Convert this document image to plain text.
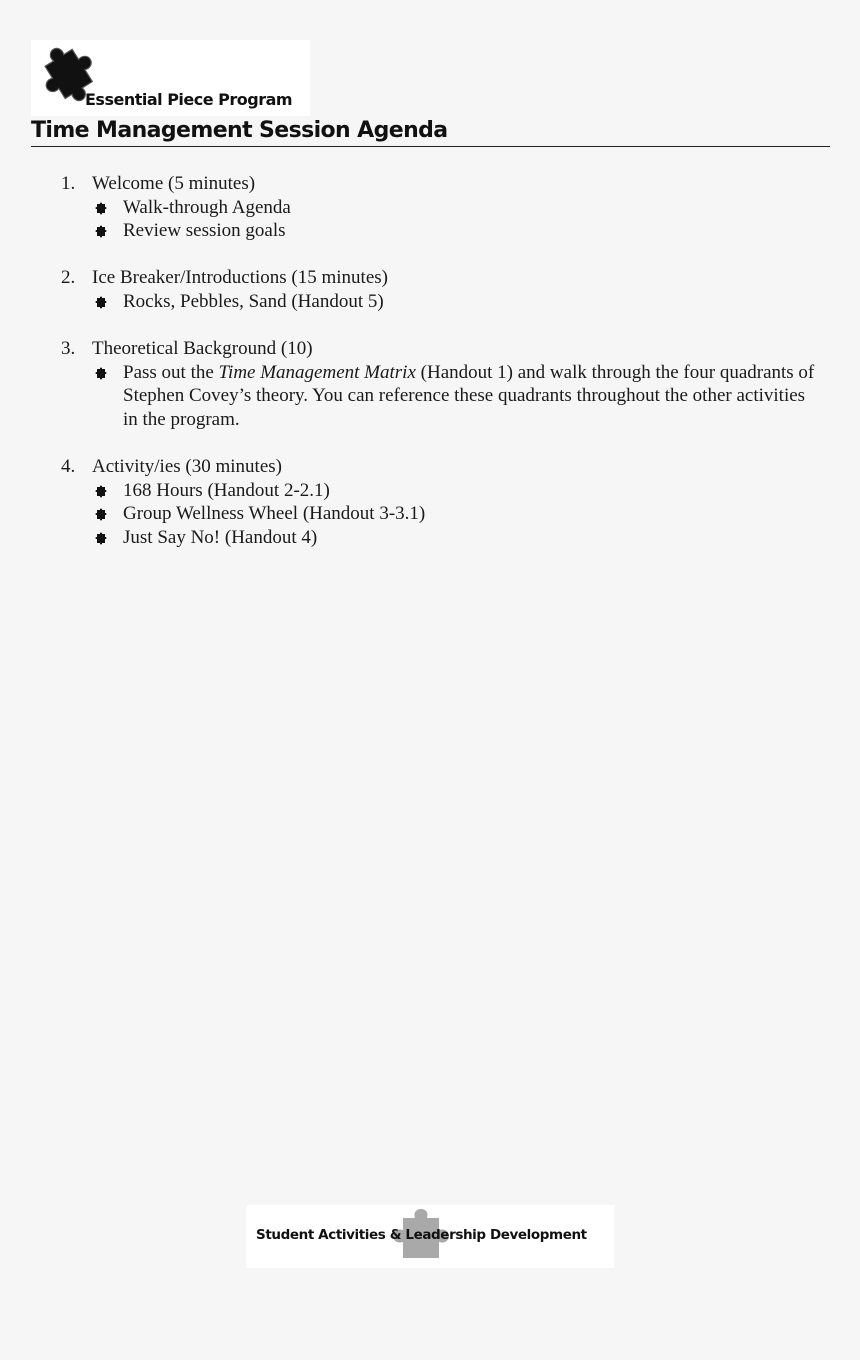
Essential Piece Program
Time Management Session Agenda
1. Welcome (5 minutes)
Walk-through Agenda
Review session goals
2. Ice Breaker/Introductions (15 minutes)
Rocks, Pebbles, Sand (Handout 5)
3. Theoretical Background (10)
Pass out the Time Management Matrix (Handout 1) and walk through the four quadrants of Stephen Covey’s theory. You can reference these quadrants throughout the other activities in the program.
4. Activity/ies (30 minutes)
168 Hours (Handout 2-2.1)
Group Wellness Wheel (Handout 3-3.1)
Just Say No! (Handout 4)
Student Activities & Leadership Development
